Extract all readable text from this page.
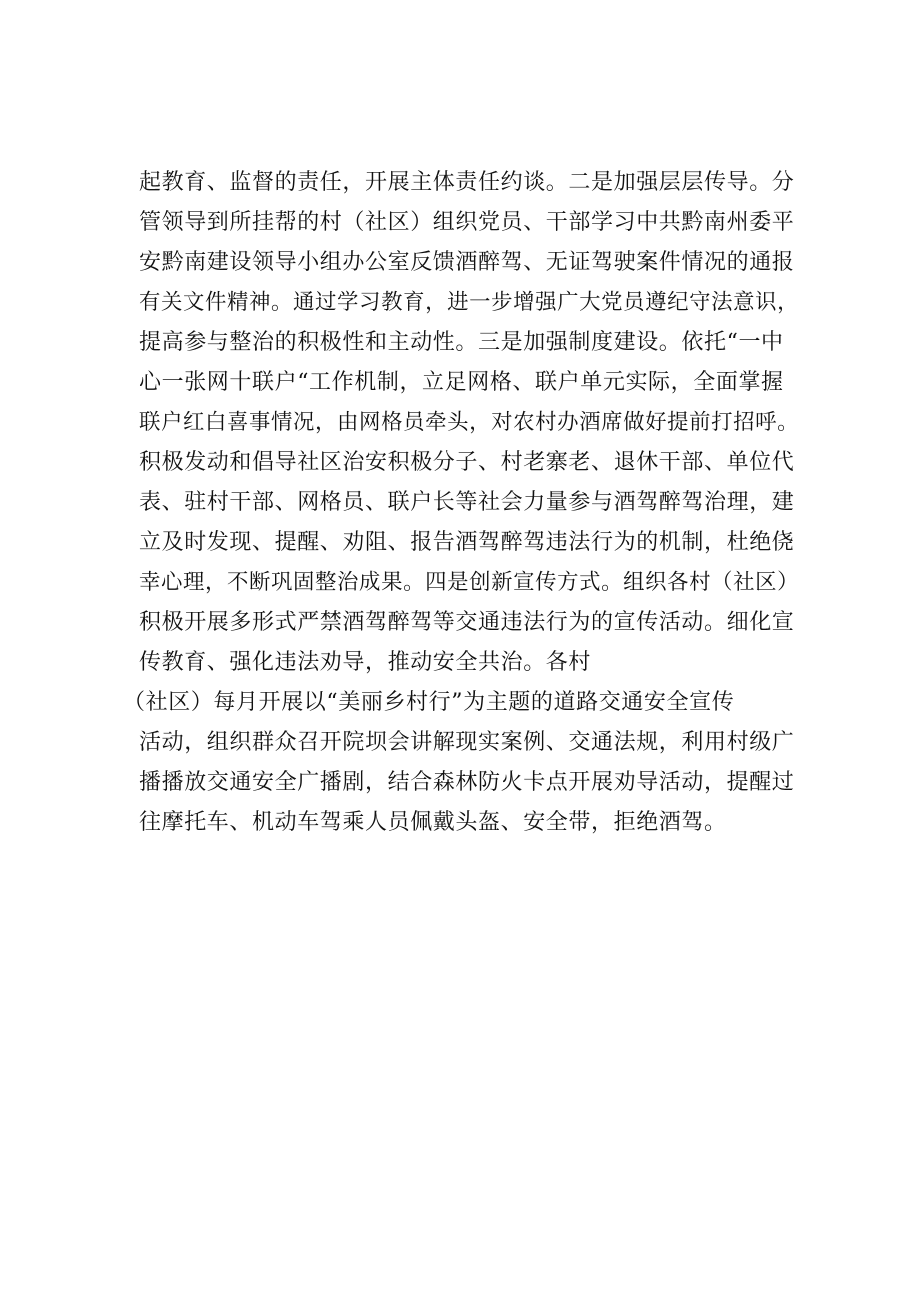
起教育、监督的责任，开展主体责任约谈。二是加强层层传导。分
管领导到所挂帮的村（社区）组织党员、干部学习中共黔南州委平
安黔南建设领导小组办公室反馈酒醉驾、无证驾驶案件情况的通报
有关文件精神。通过学习教育，进一步增强广大党员遵纪守法意识，
提高参与整治的积极性和主动性。三是加强制度建设。依托“一中
心一张网十联户“工作机制，立足网格、联户单元实际，全面掌握
联户红白喜事情况，由网格员牵头，对农村办酒席做好提前打招呼。
积极发动和倡导社区治安积极分子、村老寨老、退休干部、单位代
表、驻村干部、网格员、联户长等社会力量参与酒驾醉驾治理，建
立及时发现、提醒、劝阻、报告酒驾醉驾违法行为的机制，杜绝侥
幸心理，不断巩固整治成果。四是创新宣传方式。组织各村（社区）
积极开展多形式严禁酒驾醉驾等交通违法行为的宣传活动。细化宣
传教育、强化违法劝导，推动安全共治。各村
（社区）每月开展以“美丽乡村行”为主题的道路交通安全宣传
活动，组织群众召开院坝会讲解现实案例、交通法规，利用村级广
播播放交通安全广播剧，结合森林防火卡点开展劝导活动，提醒过
往摩托车、机动车驾乘人员佩戴头盔、安全带，拒绝酒驾。
